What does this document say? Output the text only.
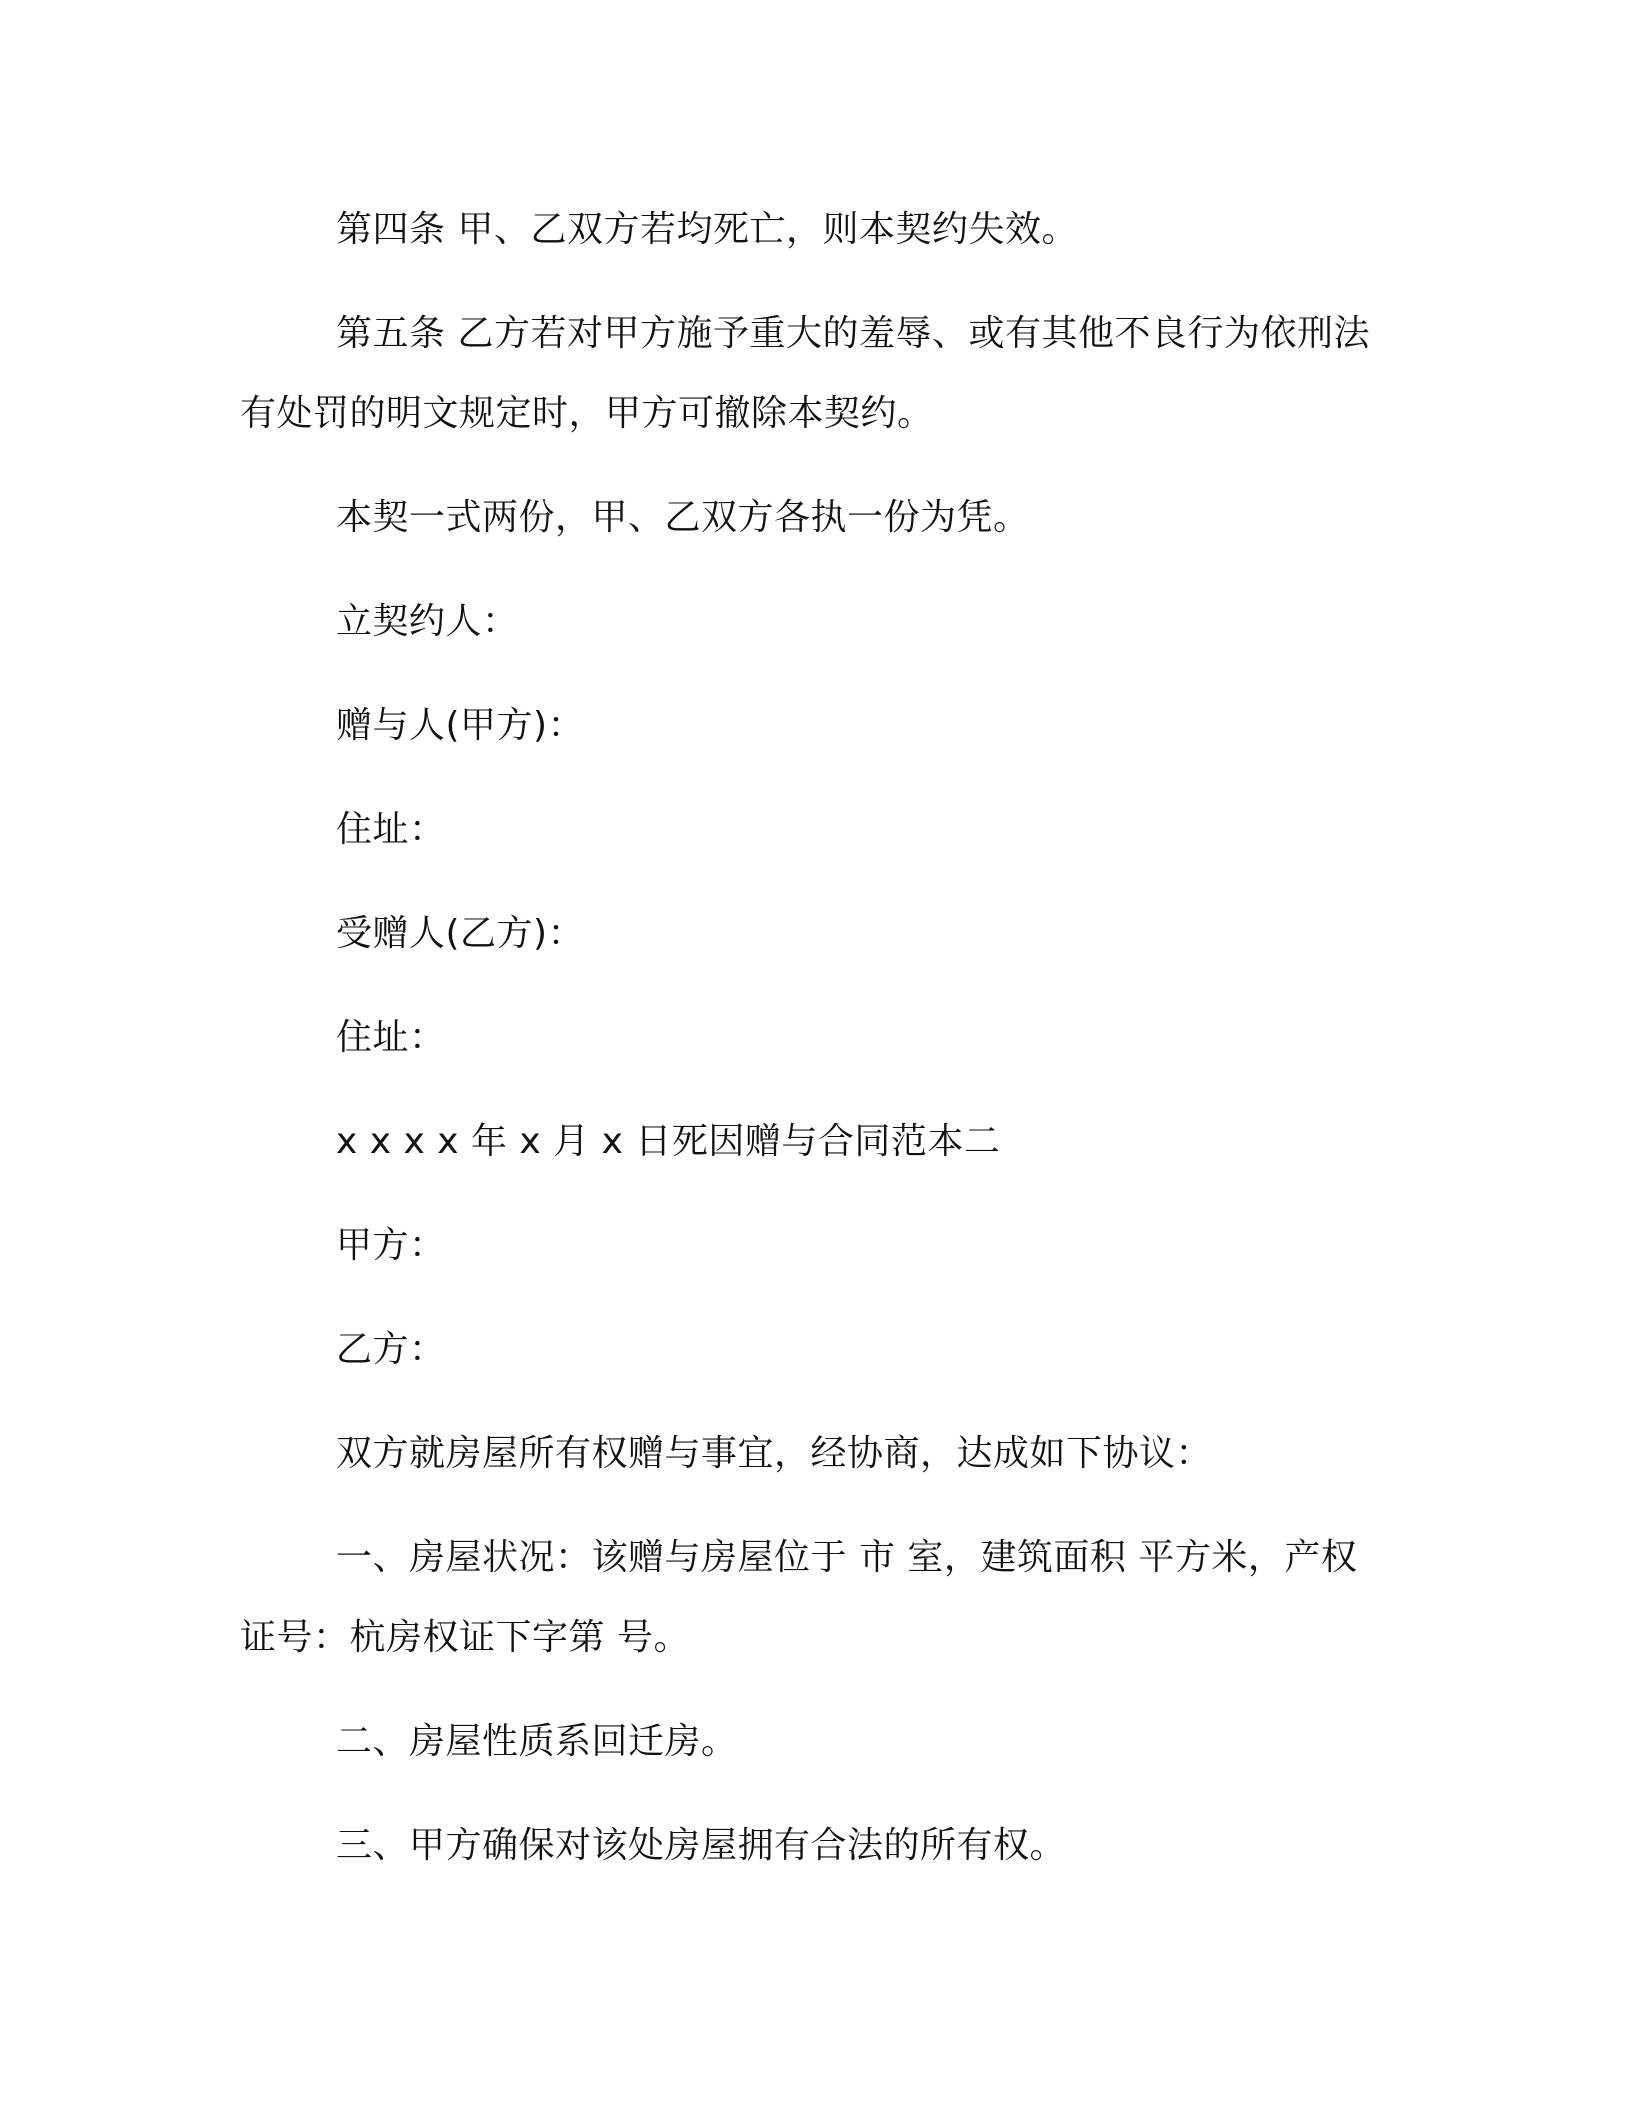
第四条 甲、乙双方若均死亡，则本契约失效。

第五条 乙方若对甲方施予重大的羞辱、或有其他不良行为依刑法有处罚的明文规定时，甲方可撤除本契约。

本契一式两份，甲、乙双方各执一份为凭。

立契约人：

赠与人(甲方)：

住址：

受赠人(乙方)：

住址：

x x x x 年 x 月 x 日死因赠与合同范本二

甲方：

乙方：

双方就房屋所有权赠与事宜，经协商，达成如下协议：

一、房屋状况：该赠与房屋位于 市 室，建筑面积 平方米，产权证号：杭房权证下字第 号。

二、房屋性质系回迁房。

三、甲方确保对该处房屋拥有合法的所有权。
